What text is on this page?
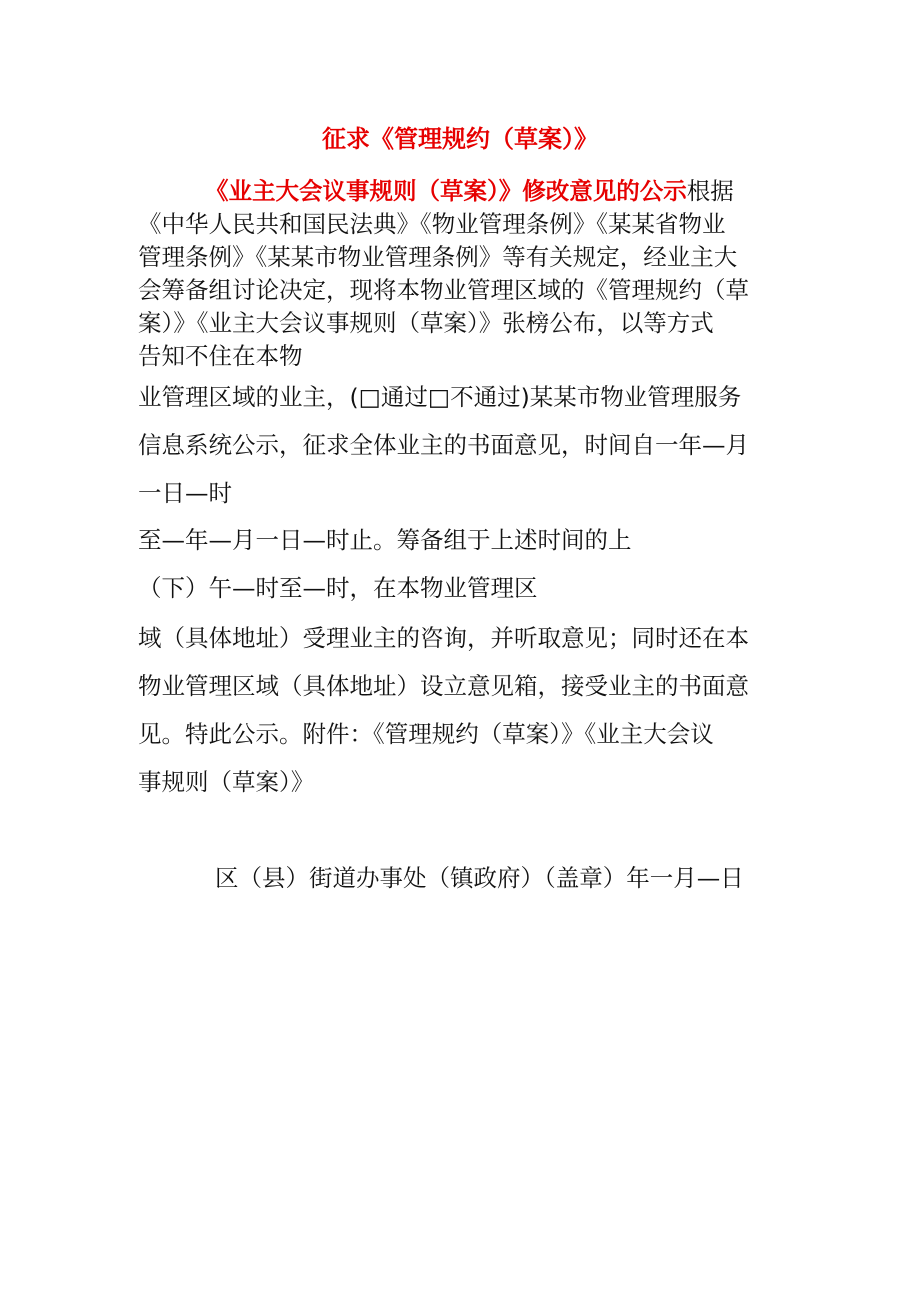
征求《管理规约（草案）》
《业主大会议事规则（草案）》修改意见的公示根据
《中华人民共和国民法典》《物业管理条例》《某某省物业
管理条例》《某某市物业管理条例》等有关规定，经业主大
会筹备组讨论决定，现将本物业管理区域的《管理规约（草
案）》《业主大会议事规则（草案）》张榜公布，以等方式
告知不住在本物
业管理区域的业主，(□通过□不通过)某某市物业管理服务
信息系统公示，征求全体业主的书面意见，时间自一年—月
一日—时
至—年—月一日—时止。筹备组于上述时间的上
（下）午—时至—时，在本物业管理区
域（具体地址）受理业主的咨询，并听取意见；同时还在本
物业管理区域（具体地址）设立意见箱，接受业主的书面意
见。特此公示。附件：《管理规约（草案）》《业主大会议
事规则（草案）》
区（县）街道办事处（镇政府）（盖章）年一月—日
